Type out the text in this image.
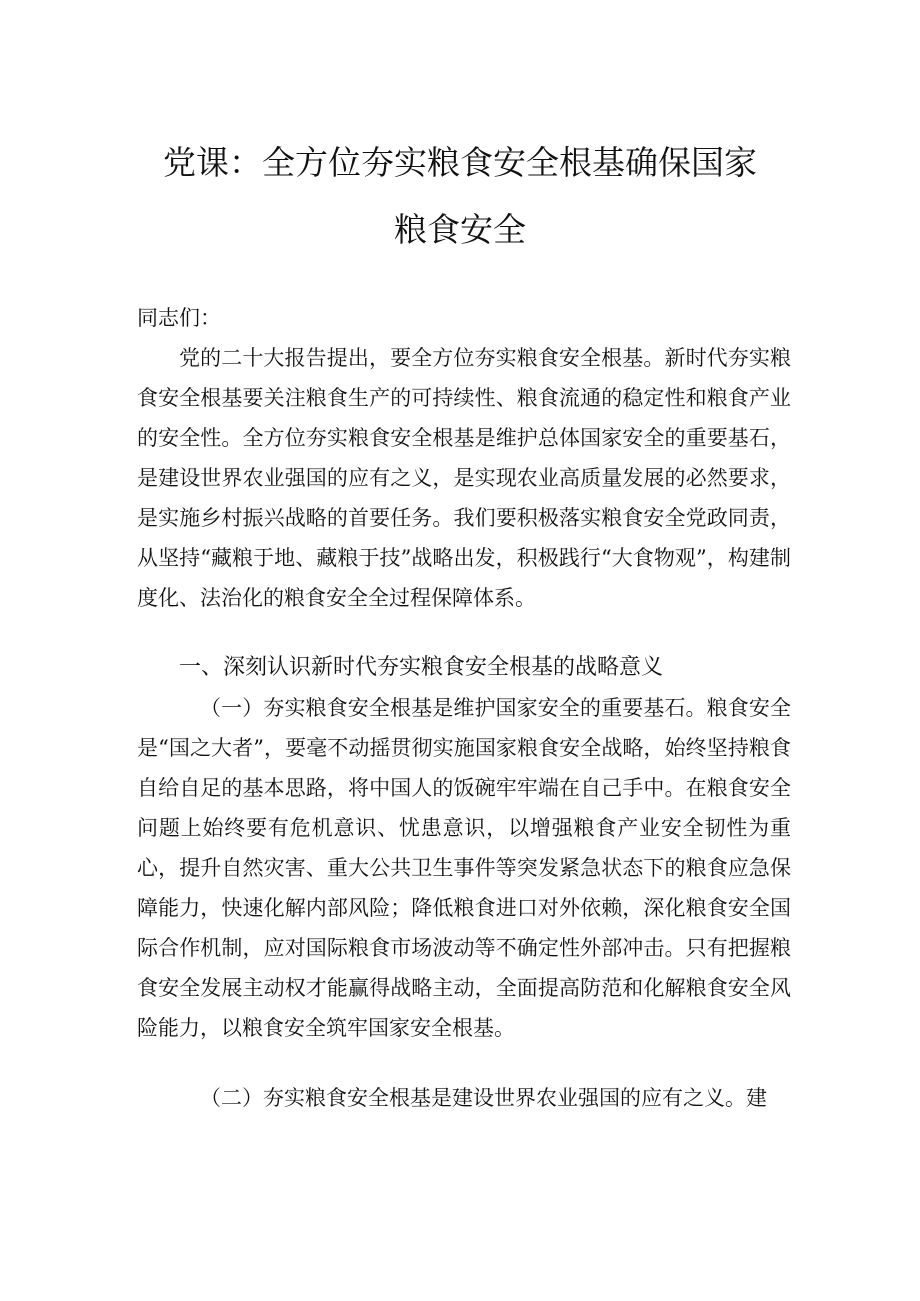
党课：全方位夯实粮食安全根基确保国家
粮食安全

同志们：

党的二十大报告提出，要全方位夯实粮食安全根基。新时代夯实粮食安全根基要关注粮食生产的可持续性、粮食流通的稳定性和粮食产业的安全性。全方位夯实粮食安全根基是维护总体国家安全的重要基石，是建设世界农业强国的应有之义，是实现农业高质量发展的必然要求，是实施乡村振兴战略的首要任务。我们要积极落实粮食安全党政同责，从坚持“藏粮于地、藏粮于技”战略出发，积极践行“大食物观”，构建制度化、法治化的粮食安全全过程保障体系。

一、深刻认识新时代夯实粮食安全根基的战略意义

（一）夯实粮食安全根基是维护国家安全的重要基石。粮食安全是“国之大者”，要毫不动摇贯彻实施国家粮食安全战略，始终坚持粮食自给自足的基本思路，将中国人的饭碗牢牢端在自己手中。在粮食安全问题上始终要有危机意识、忧患意识，以增强粮食产业安全韧性为重心，提升自然灾害、重大公共卫生事件等突发紧急状态下的粮食应急保障能力，快速化解内部风险；降低粮食进口对外依赖，深化粮食安全国际合作机制，应对国际粮食市场波动等不确定性外部冲击。只有把握粮食安全发展主动权才能赢得战略主动，全面提高防范和化解粮食安全风险能力，以粮食安全筑牢国家安全根基。

（二）夯实粮食安全根基是建设世界农业强国的应有之义。建
